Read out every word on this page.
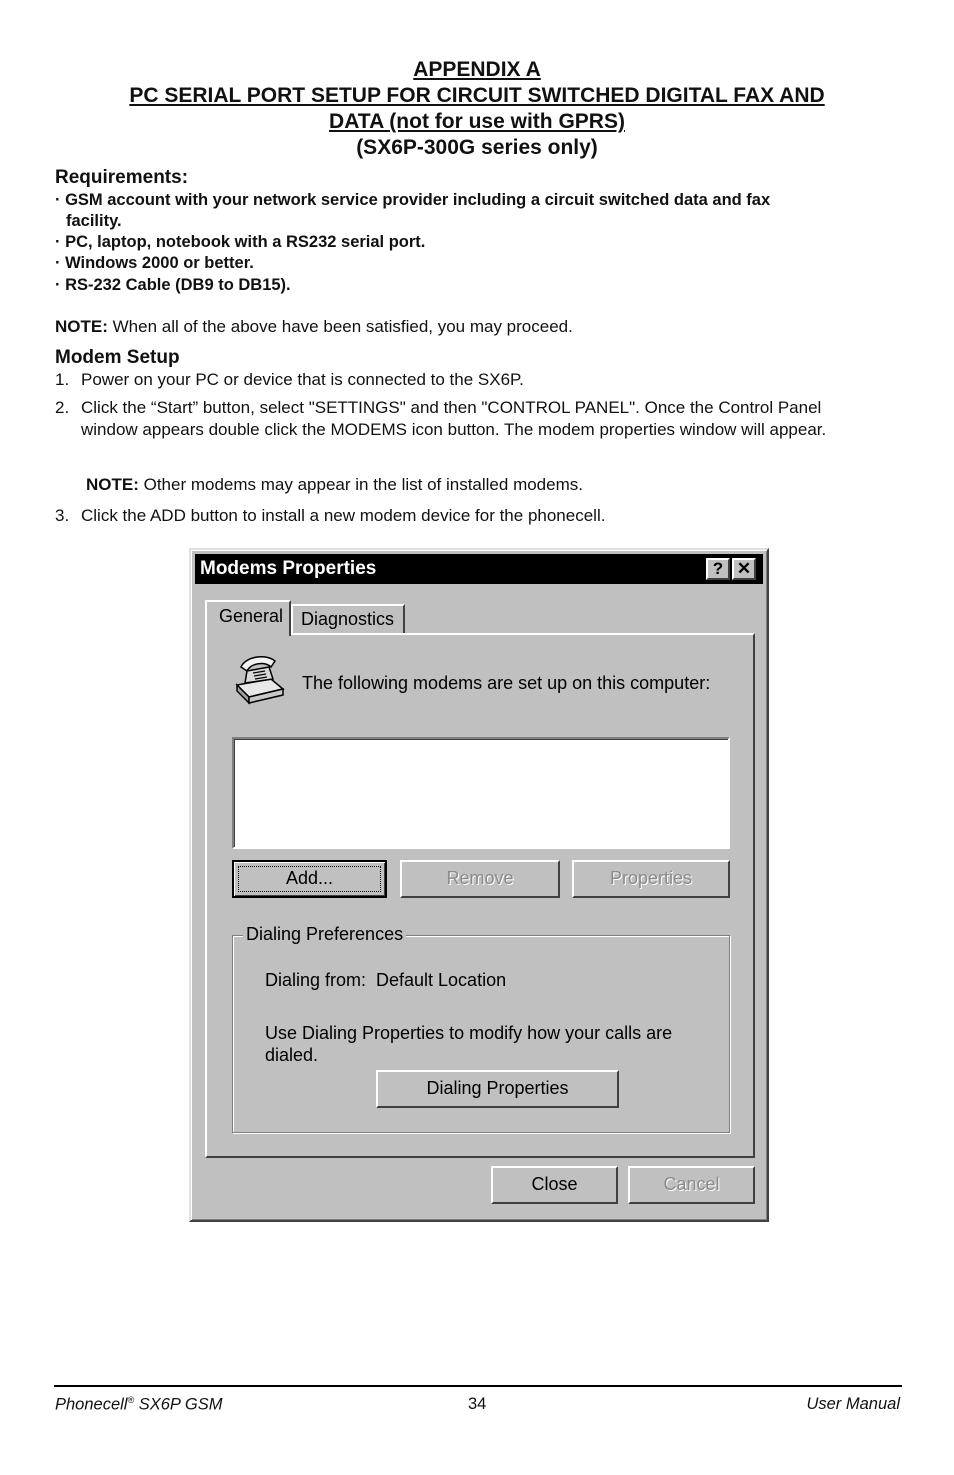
APPENDIX A
PC SERIAL PORT SETUP FOR CIRCUIT SWITCHED DIGITAL FAX AND
DATA (not for use with GPRS)
(SX6P-300G series only)
Requirements:
· GSM account with your network service provider including a circuit switched data and fax
facility.
· PC, laptop, notebook with a RS232 serial port.
· Windows 2000 or better.
· RS-232 Cable (DB9 to DB15).
NOTE: When all of the above have been satisfied, you may proceed.
Modem Setup
1. Power on your PC or device that is connected to the SX6P.
2. Click the “Start” button, select "SETTINGS" and then "CONTROL PANEL". Once the Control Panel window appears double click the MODEMS icon button. The modem properties window will appear.
NOTE: Other modems may appear in the list of installed modems.
3. Click the ADD button to install a new modem device for the phonecell.
Modems Properties	? ✕
General Diagnostics
The following modems are set up on this computer:
Add...	Remove	Properties
Dialing Preferences
Dialing from: Default Location
Use Dialing Properties to modify how your calls are dialed.
Dialing Properties
Close	Cancel
Phonecell® SX6P GSM	34	User Manual
